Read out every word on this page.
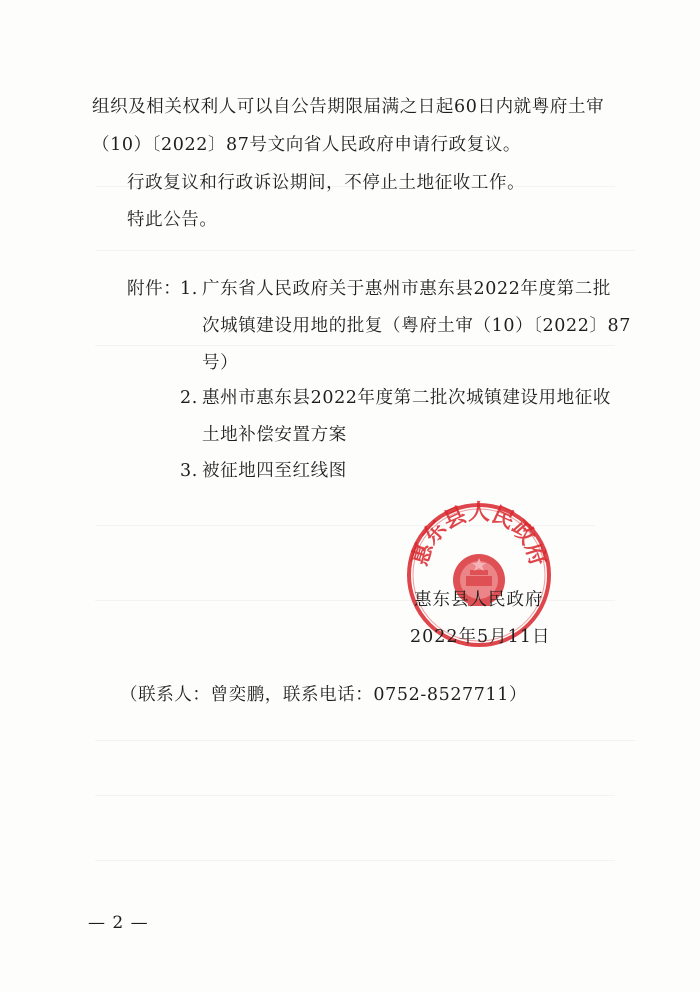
组织及相关权利人可以自公告期限届满之日起60日内就粤府土审
（10）〔2022〕87号文向省人民政府申请行政复议。
行政复议和行政诉讼期间，不停止土地征收工作。
特此公告。
附件：
1. 广东省人民政府关于惠州市惠东县2022年度第二批
次城镇建设用地的批复（粤府土审（10）〔2022〕87
号）
2. 惠州市惠东县2022年度第二批次城镇建设用地征收
土地补偿安置方案
3. 被征地四至红线图
惠东县人民政府
惠东县人民政府
2022年5月11日
（联系人：曾奕鹏，联系电话：0752-8527711）
— 2 —
